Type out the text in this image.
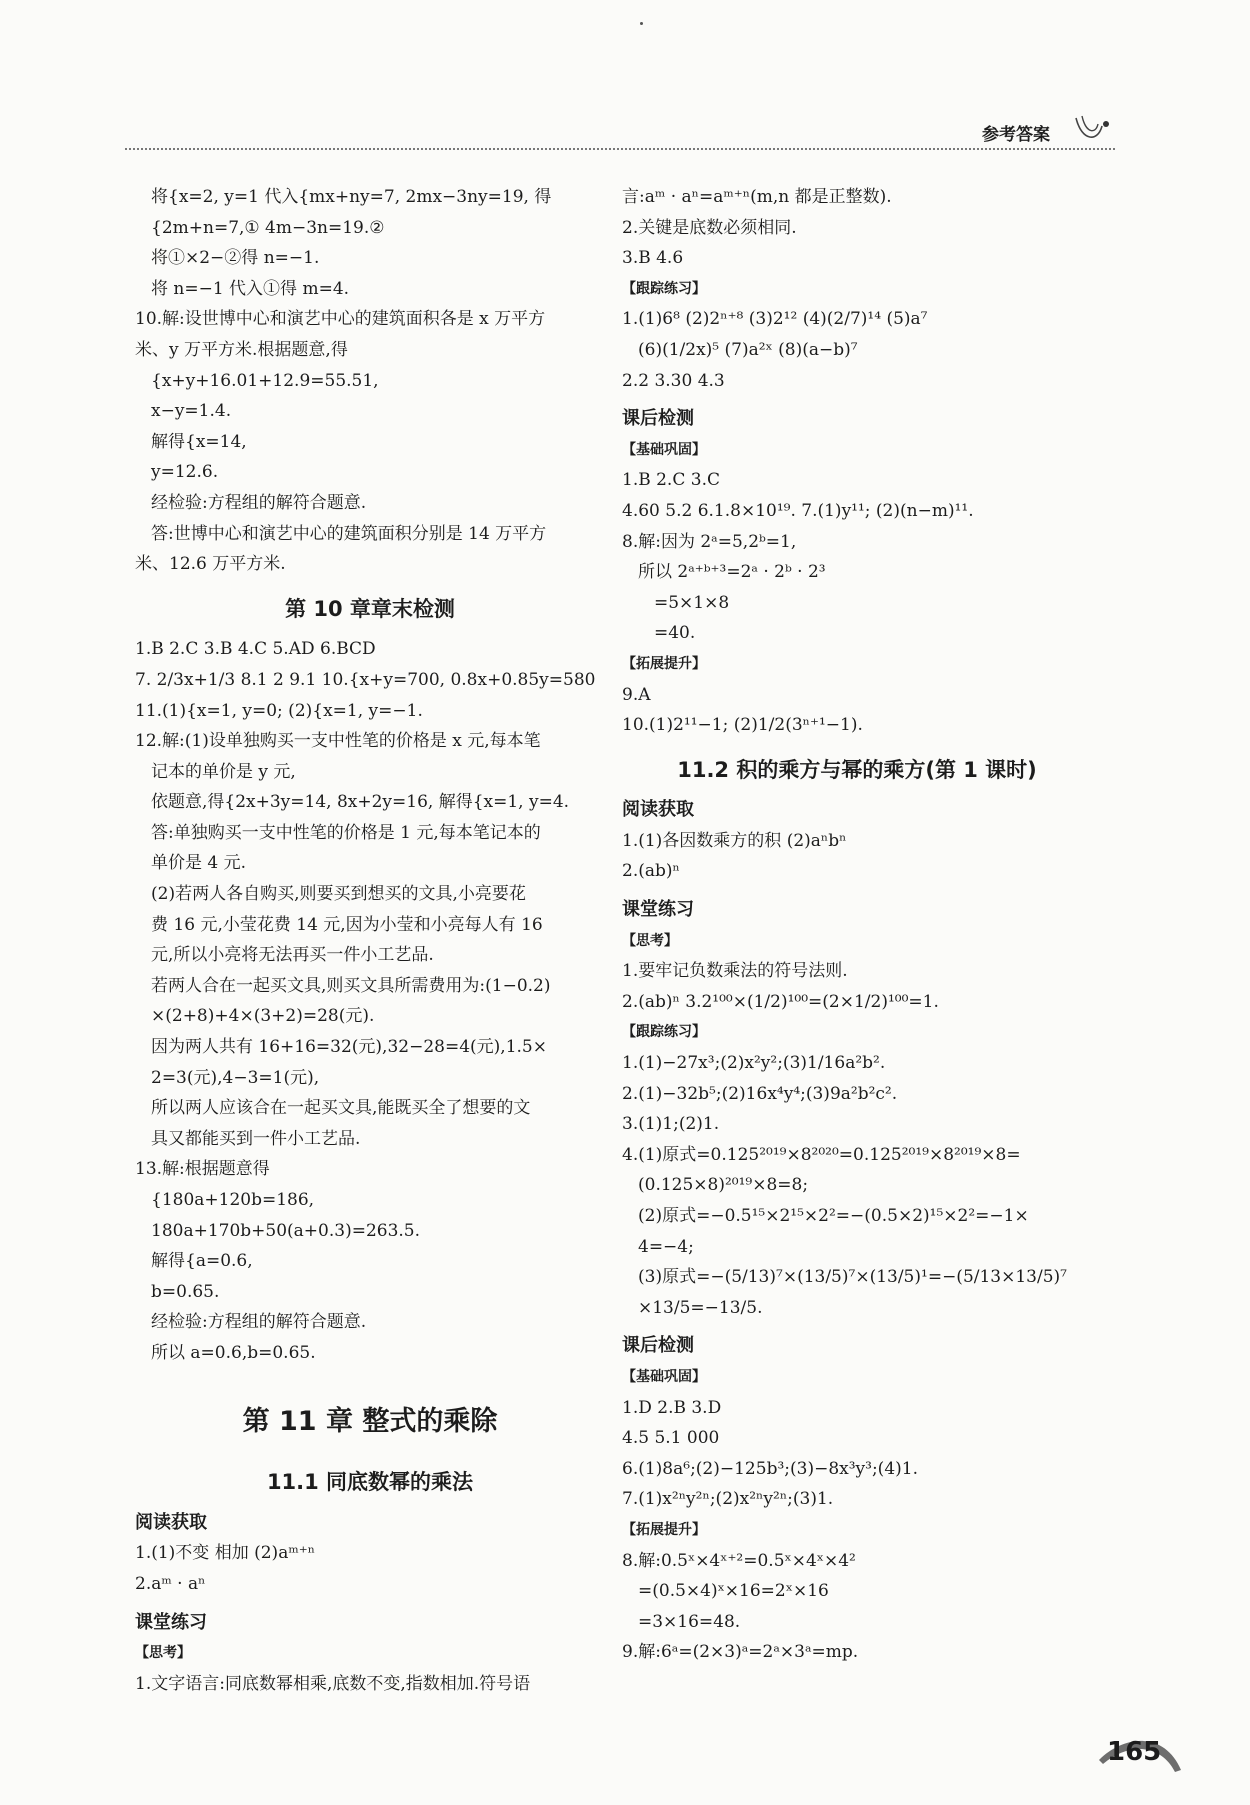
参考答案
将{x=2, y=1 代入{mx+ny=7, 2mx−3ny=19, 得
{2m+n=7,① 4m−3n=19.②
将①×2−②得 n=−1.
将 n=−1 代入①得 m=4.
10.解:设世博中心和演艺中心的建筑面积各是 x 万平方
米、y 万平方米.根据题意,得
{x+y+16.01+12.9=55.51,
x−y=1.4.
解得{x=14,
y=12.6.
经检验:方程组的解符合题意.
答:世博中心和演艺中心的建筑面积分别是 14 万平方
米、12.6 万平方米.
第 10 章章末检测
1.B 2.C 3.B 4.C 5.AD 6.BCD
7. 2/3x+1/3 8.1 2 9.1 10.{x+y=700, 0.8x+0.85y=580
11.(1){x=1, y=0; (2){x=1, y=−1.
12.解:(1)设单独购买一支中性笔的价格是 x 元,每本笔
记本的单价是 y 元,
依题意,得{2x+3y=14, 8x+2y=16, 解得{x=1, y=4.
答:单独购买一支中性笔的价格是 1 元,每本笔记本的
单价是 4 元.
(2)若两人各自购买,则要买到想买的文具,小亮要花
费 16 元,小莹花费 14 元,因为小莹和小亮每人有 16
元,所以小亮将无法再买一件小工艺品.
若两人合在一起买文具,则买文具所需费用为:(1−0.2)
×(2+8)+4×(3+2)=28(元).
因为两人共有 16+16=32(元),32−28=4(元),1.5×
2=3(元),4−3=1(元),
所以两人应该合在一起买文具,能既买全了想要的文
具又都能买到一件小工艺品.
13.解:根据题意得
{180a+120b=186,
180a+170b+50(a+0.3)=263.5.
解得{a=0.6,
b=0.65.
经检验:方程组的解符合题意.
所以 a=0.6,b=0.65.
第 11 章 整式的乘除
11.1 同底数幂的乘法
阅读获取
1.(1)不变 相加 (2)aᵐ⁺ⁿ
2.aᵐ · aⁿ
课堂练习
【思考】
1.文字语言:同底数幂相乘,底数不变,指数相加.符号语
言:aᵐ · aⁿ=aᵐ⁺ⁿ(m,n 都是正整数).
2.关键是底数必须相同.
3.B 4.6
【跟踪练习】
1.(1)6⁸ (2)2ⁿ⁺⁸ (3)2¹² (4)(2/7)¹⁴ (5)a⁷
(6)(1/2x)⁵ (7)a²ˣ (8)(a−b)⁷
2.2 3.30 4.3
课后检测
【基础巩固】
1.B 2.C 3.C
4.60 5.2 6.1.8×10¹⁹. 7.(1)y¹¹; (2)(n−m)¹¹.
8.解:因为 2ᵃ=5,2ᵇ=1,
所以 2ᵃ⁺ᵇ⁺³=2ᵃ · 2ᵇ · 2³
=5×1×8
=40.
【拓展提升】
9.A
10.(1)2¹¹−1; (2)1/2(3ⁿ⁺¹−1).
11.2 积的乘方与幂的乘方(第 1 课时)
阅读获取
1.(1)各因数乘方的积 (2)aⁿbⁿ
2.(ab)ⁿ
课堂练习
【思考】
1.要牢记负数乘法的符号法则.
2.(ab)ⁿ 3.2¹⁰⁰×(1/2)¹⁰⁰=(2×1/2)¹⁰⁰=1.
【跟踪练习】
1.(1)−27x³;(2)x²y²;(3)1/16a²b².
2.(1)−32b⁵;(2)16x⁴y⁴;(3)9a²b²c².
3.(1)1;(2)1.
4.(1)原式=0.125²⁰¹⁹×8²⁰²⁰=0.125²⁰¹⁹×8²⁰¹⁹×8=
(0.125×8)²⁰¹⁹×8=8;
(2)原式=−0.5¹⁵×2¹⁵×2²=−(0.5×2)¹⁵×2²=−1×
4=−4;
(3)原式=−(5/13)⁷×(13/5)⁷×(13/5)¹=−(5/13×13/5)⁷
×13/5=−13/5.
课后检测
【基础巩固】
1.D 2.B 3.D
4.5 5.1 000
6.(1)8a⁶;(2)−125b³;(3)−8x³y³;(4)1.
7.(1)x²ⁿy²ⁿ;(2)x²ⁿy²ⁿ;(3)1.
【拓展提升】
8.解:0.5ˣ×4ˣ⁺²=0.5ˣ×4ˣ×4²
=(0.5×4)ˣ×16=2ˣ×16
=3×16=48.
9.解:6ᵃ=(2×3)ᵃ=2ᵃ×3ᵃ=mp.
165
